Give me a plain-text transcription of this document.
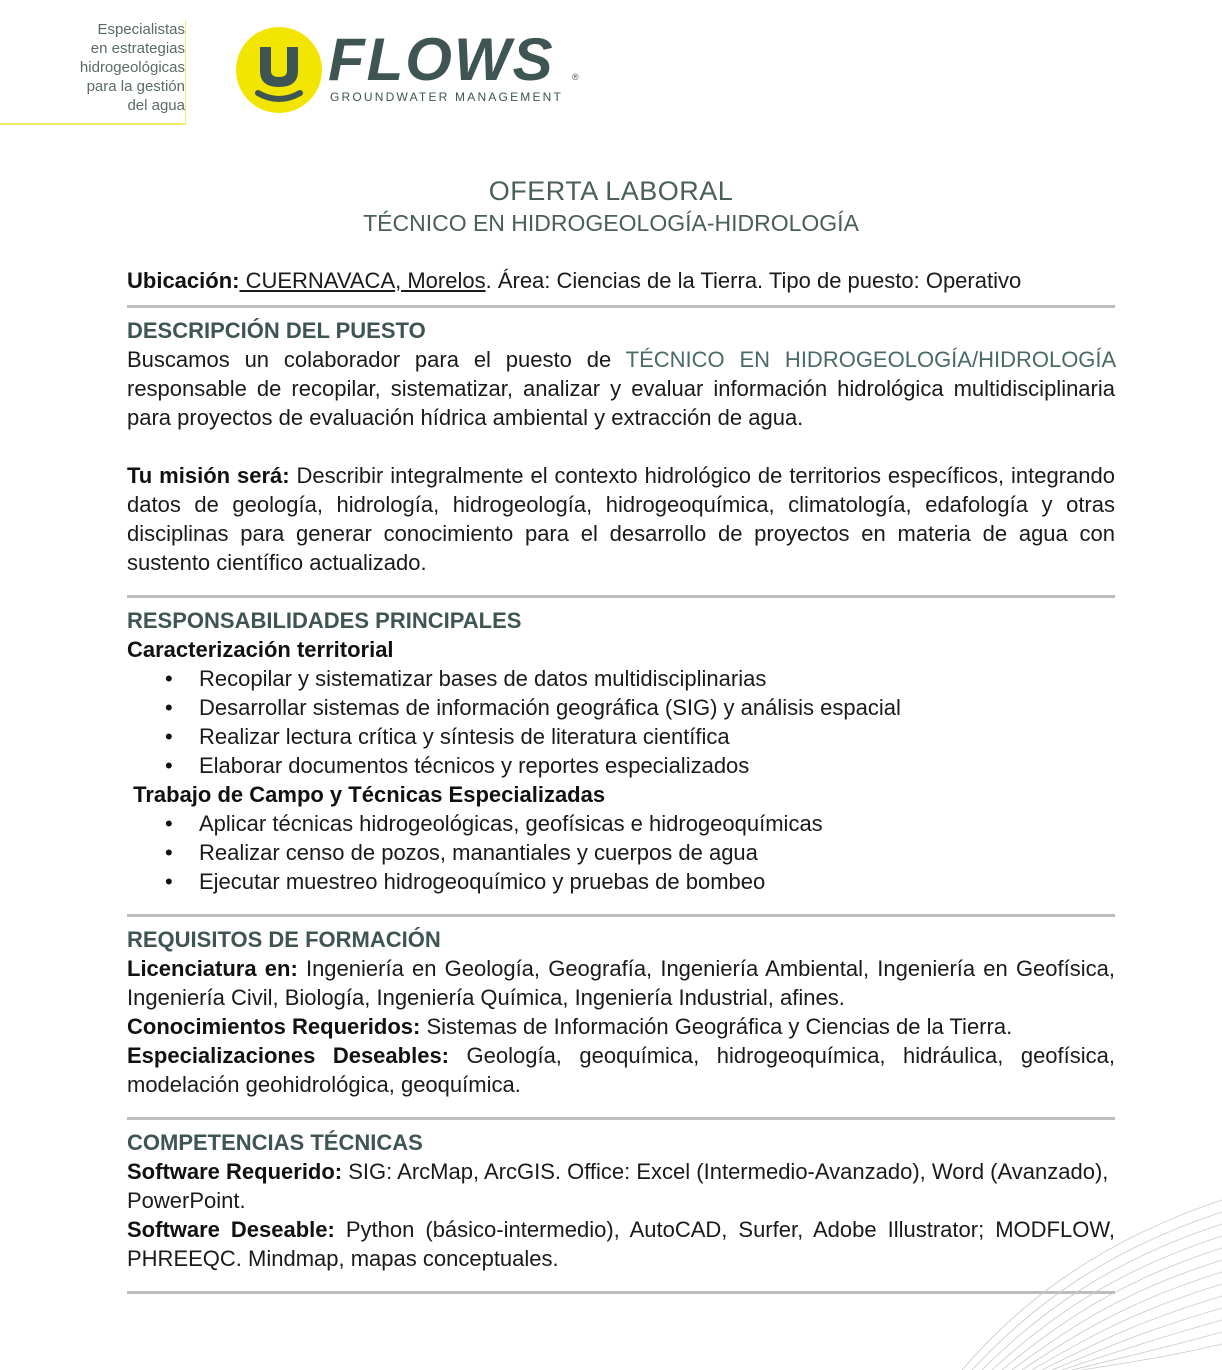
Especialistas
en estrategias
hidrogeológicas
para la gestión
del agua
FLOWS ®
GROUNDWATER MANAGEMENT
OFERTA LABORAL
TÉCNICO EN HIDROGEOLOGÍA-HIDROLOGÍA
Ubicación: CUERNAVACA, Morelos. Área: Ciencias de la Tierra. Tipo de puesto: Operativo
DESCRIPCIÓN DEL PUESTO
Buscamos un colaborador para el puesto de TÉCNICO EN HIDROGEOLOGÍA/HIDROLOGÍA responsable de recopilar, sistematizar, analizar y evaluar información hidrológica multidisciplinaria para proyectos de evaluación hídrica ambiental y extracción de agua.
Tu misión será: Describir integralmente el contexto hidrológico de territorios específicos, integrando datos de geología, hidrología, hidrogeología, hidrogeoquímica, climatología, edafología y otras disciplinas para generar conocimiento para el desarrollo de proyectos en materia de agua con sustento científico actualizado.
RESPONSABILIDADES PRINCIPALES
Caracterización territorial
• Recopilar y sistematizar bases de datos multidisciplinarias
• Desarrollar sistemas de información geográfica (SIG) y análisis espacial
• Realizar lectura crítica y síntesis de literatura científica
• Elaborar documentos técnicos y reportes especializados
Trabajo de Campo y Técnicas Especializadas
• Aplicar técnicas hidrogeológicas, geofísicas e hidrogeoquímicas
• Realizar censo de pozos, manantiales y cuerpos de agua
• Ejecutar muestreo hidrogeoquímico y pruebas de bombeo
REQUISITOS DE FORMACIÓN
Licenciatura en: Ingeniería en Geología, Geografía, Ingeniería Ambiental, Ingeniería en Geofísica, Ingeniería Civil, Biología, Ingeniería Química, Ingeniería Industrial, afines.
Conocimientos Requeridos: Sistemas de Información Geográfica y Ciencias de la Tierra.
Especializaciones Deseables: Geología, geoquímica, hidrogeoquímica, hidráulica, geofísica, modelación geohidrológica, geoquímica.
COMPETENCIAS TÉCNICAS
Software Requerido: SIG: ArcMap, ArcGIS. Office: Excel (Intermedio-Avanzado), Word (Avanzado), PowerPoint.
Software Deseable: Python (básico-intermedio), AutoCAD, Surfer, Adobe Illustrator; MODFLOW, PHREEQC. Mindmap, mapas conceptuales.
